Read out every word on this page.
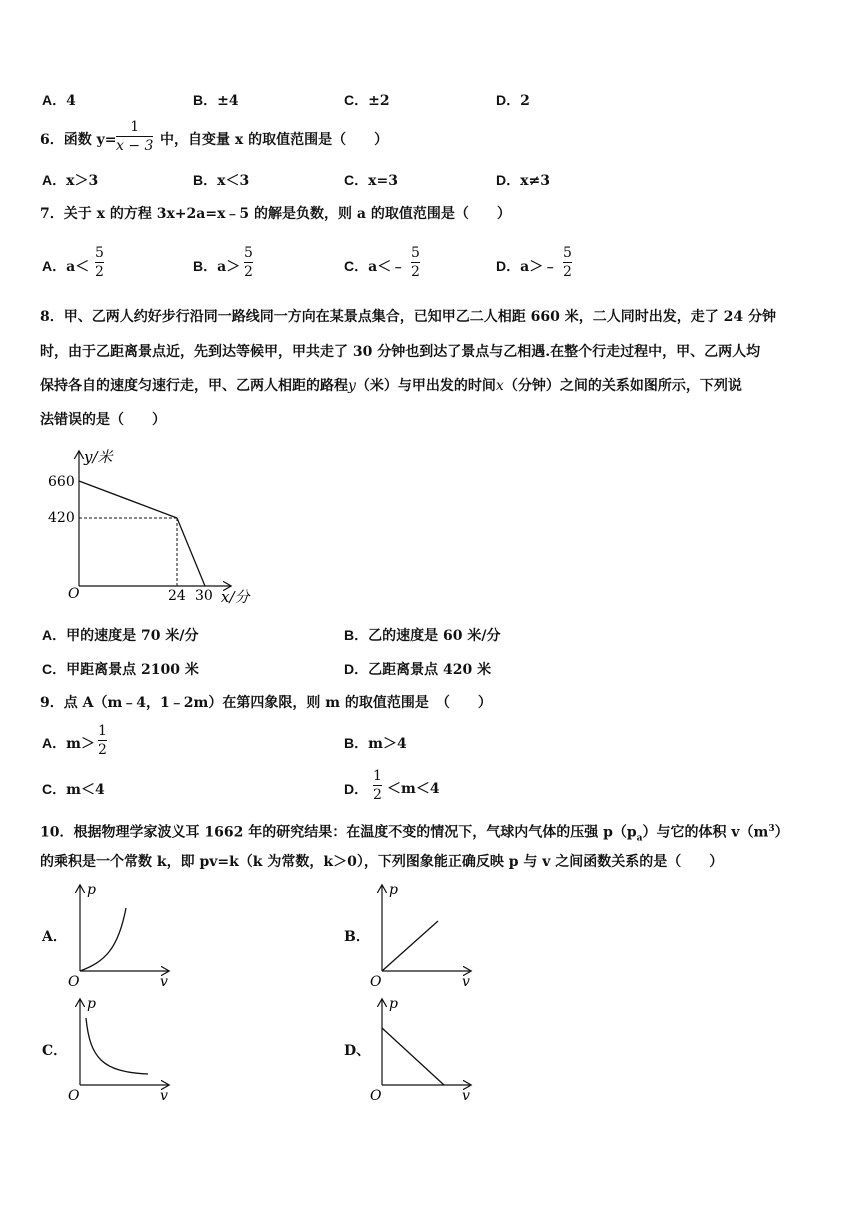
A．4	B．±4	C．±2	D．2
6．函数 y=
1
x − 3 中，自变量 x 的取值范围是（　　）
A．x＞3	B．x＜3	C．x=3	D．x≠3
7．关于 x 的方程 3x+2a=x﹣5 的解是负数，则 a 的取值范围是（　　）
A．a＜
5
2	B．a＞
5
2	C．a＜﹣
5
2	D．a＞﹣
5
2
8．甲、乙两人约好步行沿同一路线同一方向在某景点集合，已知甲乙二人相距 660 米，二人同时出发，走了 24 分钟
时，由于乙距离景点近，先到达等候甲，甲共走了 30 分钟也到达了景点与乙相遇.在整个行走过程中，甲、乙两人均
保持各自的速度匀速行走，甲、乙两人相距的路程y（米）与甲出发的时间x（分钟）之间的关系如图所示，下列说
法错误的是（　　）
y/米
x/分
O
660
420
24 30
A．甲的速度是 70 米/分	B．乙的速度是 60 米/分
C．甲距离景点 2100 米	D．乙距离景点 420 米
9．点 A（m﹣4，1﹣2m）在第四象限，则 m 的取值范围是　（　　）
A．m＞
1
2	B．m＞4
C．m＜4	D．
1
2 ＜m＜4
10．根据物理学家波义耳 1662 年的研究结果：在温度不变的情况下，气球内气体的压强 $p(p_a)$与它的体积 $v(m^3)$
的乘积是一个常数 k，即 pv=k（k 为常数，k＞0），下列图象能正确反映 p 与 v 之间函数关系的是（　　）
A．
p
v
O
B．
p
v
O
C．
p
v
O
D、
p
v
O
